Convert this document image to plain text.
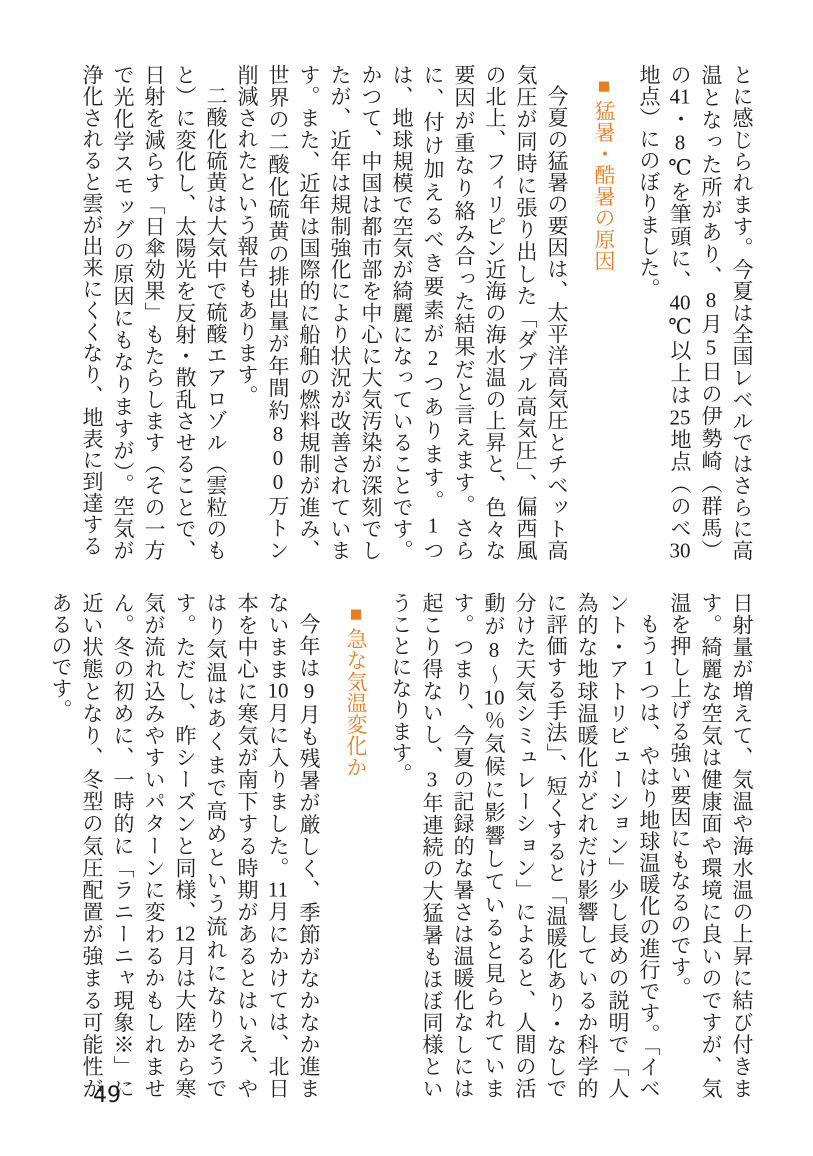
とに感じられます。今夏は全国レベルではさらに高温となった所があり、8月5日の伊勢崎（群馬）の41・8℃を筆頭に、40℃以上は25地点（のべ30地点）にのぼりました。

■猛暑・酷暑の原因

今夏の猛暑の要因は、太平洋高気圧とチベット高気圧が同時に張り出した「ダブル高気圧」、偏西風の北上、フィリピン近海の海水温の上昇と、色々な要因が重なり絡み合った結果だと言えます。さらに、付け加えるべき要素が2つあります。1つは、地球規模で空気が綺麗になっていることです。かつて、中国は都市部を中心に大気汚染が深刻でしたが、近年は規制強化により状況が改善されています。また、近年は国際的に船舶の燃料規制が進み、世界の二酸化硫黄の排出量が年間約800万トン削減されたという報告もあります。

二酸化硫黄は大気中で硫酸エアロゾル（雲粒のもと）に変化し、太陽光を反射・散乱させることで、日射を減らす「日傘効果」もたらします（その一方で光化学スモッグの原因にもなりますが）。空気が浄化されると雲が出来にくくなり、地表に到達する

日射量が増えて、気温や海水温の上昇に結び付きます。綺麗な空気は健康面や環境に良いのですが、気温を押し上げる強い要因にもなるのです。

もう1つは、やはり地球温暖化の進行です。「イベント・アトリビューション」少し長めの説明で「人為的な地球温暖化がどれだけ影響しているか科学的に評価する手法」、短くすると「温暖化あり・なしで分けた天気シミュレーション」によると、人間の活動が8～10％気候に影響していると見られています。つまり、今夏の記録的な暑さは温暖化なしには起こり得ないし、3年連続の大猛暑もほぼ同様ということになります。

■急な気温変化か

今年は9月も残暑が厳しく、季節がなかなか進まないまま10月に入りました。11月にかけては、北日本を中心に寒気が南下する時期があるとはいえ、やはり気温はあくまで高めという流れになりそうです。ただし、昨シーズンと同様、12月は大陸から寒気が流れ込みやすいパターンに変わるかもしれません。冬の初めに、一時的に「ラニーニャ現象※」に近い状態となり、冬型の気圧配置が強まる可能性があるのです。

49
